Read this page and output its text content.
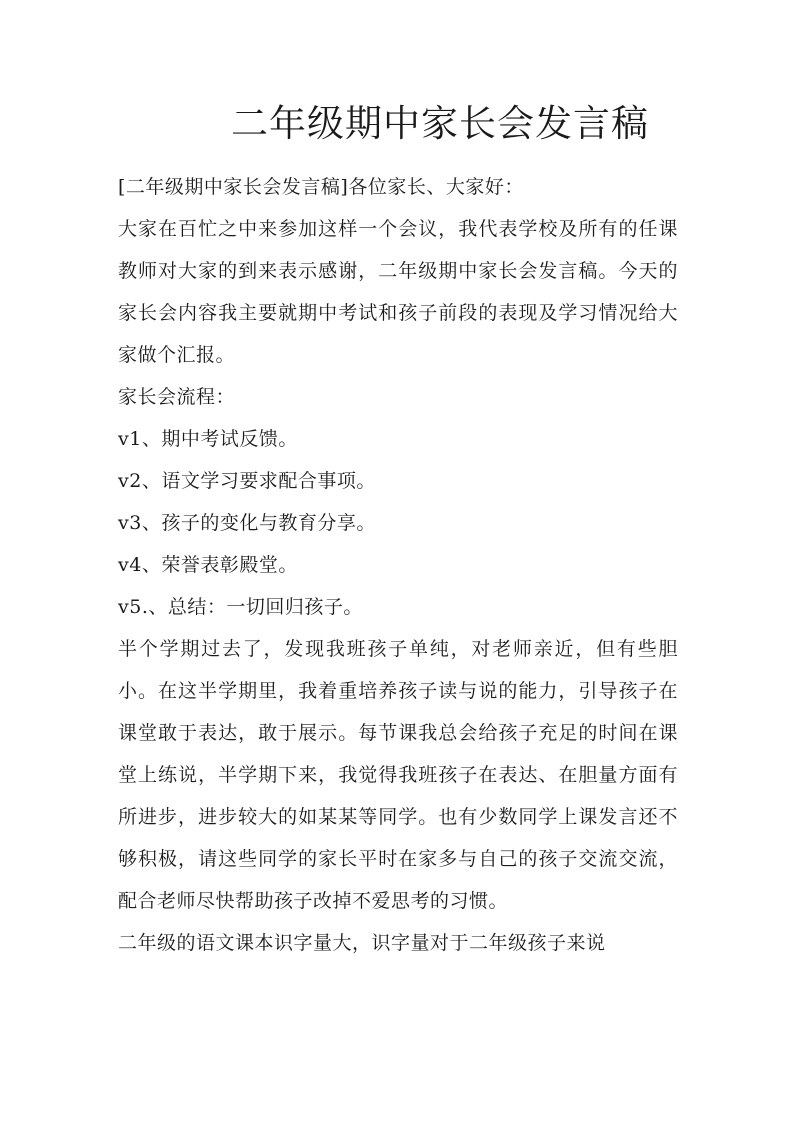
二年级期中家长会发言稿

[二年级期中家长会发言稿]各位家长、大家好：

大家在百忙之中来参加这样一个会议，我代表学校及所有的任课教师对大家的到来表示感谢，二年级期中家长会发言稿。今天的家长会内容我主要就期中考试和孩子前段的表现及学习情况给大家做个汇报。

家长会流程：

v1、期中考试反馈。

v2、语文学习要求配合事项。

v3、孩子的变化与教育分享。

v4、荣誉表彰殿堂。

v5.、总结：一切回归孩子。

半个学期过去了，发现我班孩子单纯，对老师亲近，但有些胆小。在这半学期里，我着重培养孩子读与说的能力，引导孩子在课堂敢于表达，敢于展示。每节课我总会给孩子充足的时间在课堂上练说，半学期下来，我觉得我班孩子在表达、在胆量方面有所进步，进步较大的如某某等同学。也有少数同学上课发言还不够积极，请这些同学的家长平时在家多与自己的孩子交流交流，配合老师尽快帮助孩子改掉不爱思考的习惯。

二年级的语文课本识字量大，识字量对于二年级孩子来说
